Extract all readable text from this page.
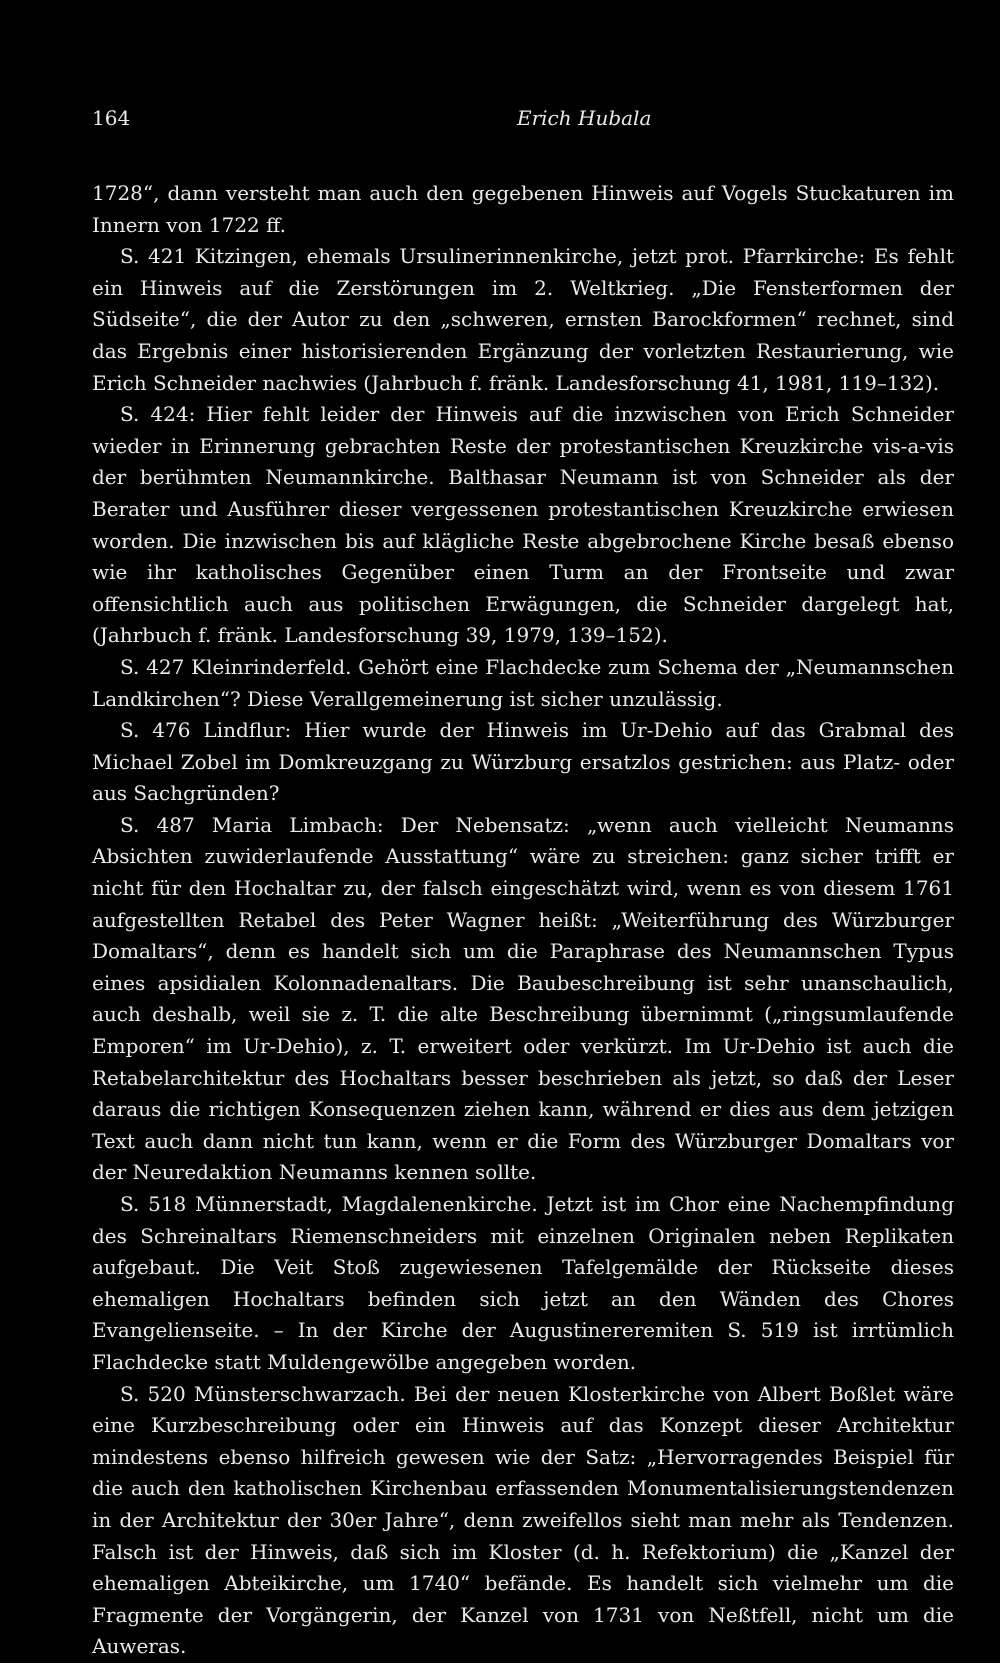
164	Erich Hubala

1728“, dann versteht man auch den gegebenen Hinweis auf Vogels Stuckaturen im Innern von 1722 ff.

S. 421 Kitzingen, ehemals Ursulinerinnenkirche, jetzt prot. Pfarrkirche: Es fehlt ein Hinweis auf die Zerstörungen im 2. Weltkrieg. „Die Fensterformen der Südseite“, die der Autor zu den „schweren, ernsten Barockformen“ rechnet, sind das Ergebnis einer historisierenden Ergänzung der vorletzten Restaurierung, wie Erich Schneider nachwies (Jahrbuch f. fränk. Landesforschung 41, 1981, 119–132).

S. 424: Hier fehlt leider der Hinweis auf die inzwischen von Erich Schneider wieder in Erinnerung gebrachten Reste der protestantischen Kreuzkirche vis-a-vis der berühmten Neumannkirche. Balthasar Neumann ist von Schneider als der Berater und Ausführer dieser vergessenen protestantischen Kreuzkirche erwiesen worden. Die inzwischen bis auf klägliche Reste abgebrochene Kirche besaß ebenso wie ihr katholisches Gegenüber einen Turm an der Frontseite und zwar offensichtlich auch aus politischen Erwägungen, die Schneider dargelegt hat, (Jahrbuch f. fränk. Landesforschung 39, 1979, 139–152).

S. 427 Kleinrinderfeld. Gehört eine Flachdecke zum Schema der „Neumannschen Landkirchen“? Diese Verallgemeinerung ist sicher unzulässig.

S. 476 Lindflur: Hier wurde der Hinweis im Ur-Dehio auf das Grabmal des Michael Zobel im Domkreuzgang zu Würzburg ersatzlos gestrichen: aus Platz- oder aus Sachgründen?

S. 487 Maria Limbach: Der Nebensatz: „wenn auch vielleicht Neumanns Absichten zuwiderlaufende Ausstattung“ wäre zu streichen: ganz sicher trifft er nicht für den Hochaltar zu, der falsch eingeschätzt wird, wenn es von diesem 1761 aufgestellten Retabel des Peter Wagner heißt: „Weiterführung des Würzburger Domaltars“, denn es handelt sich um die Paraphrase des Neumannschen Typus eines apsidialen Kolonnadenaltars. Die Baubeschreibung ist sehr unanschaulich, auch deshalb, weil sie z. T. die alte Beschreibung übernimmt („ringsumlaufende Emporen“ im Ur-Dehio), z. T. erweitert oder verkürzt. Im Ur-Dehio ist auch die Retabelarchitektur des Hochaltars besser beschrieben als jetzt, so daß der Leser daraus die richtigen Konsequenzen ziehen kann, während er dies aus dem jetzigen Text auch dann nicht tun kann, wenn er die Form des Würzburger Domaltars vor der Neuredaktion Neumanns kennen sollte.

S. 518 Münnerstadt, Magdalenenkirche. Jetzt ist im Chor eine Nachempfindung des Schreinaltars Riemenschneiders mit einzelnen Originalen neben Replikaten aufgebaut. Die Veit Stoß zugewiesenen Tafelgemälde der Rückseite dieses ehemaligen Hochaltars befinden sich jetzt an den Wänden des Chores Evangelienseite. – In der Kirche der Augustinereremiten S. 519 ist irrtümlich Flachdecke statt Muldengewölbe angegeben worden.

S. 520 Münsterschwarzach. Bei der neuen Klosterkirche von Albert Boßlet wäre eine Kurzbeschreibung oder ein Hinweis auf das Konzept dieser Architektur mindestens ebenso hilfreich gewesen wie der Satz: „Hervorragendes Beispiel für die auch den katholischen Kirchenbau erfassenden Monumentalisierungstendenzen in der Architektur der 30er Jahre“, denn zweifellos sieht man mehr als Tendenzen. Falsch ist der Hinweis, daß sich im Kloster (d. h. Refektorium) die „Kanzel der ehemaligen Abteikirche, um 1740“ befände. Es handelt sich vielmehr um die Fragmente der Vorgängerin, der Kanzel von 1731 von Neßtfell, nicht um die Auweras.
